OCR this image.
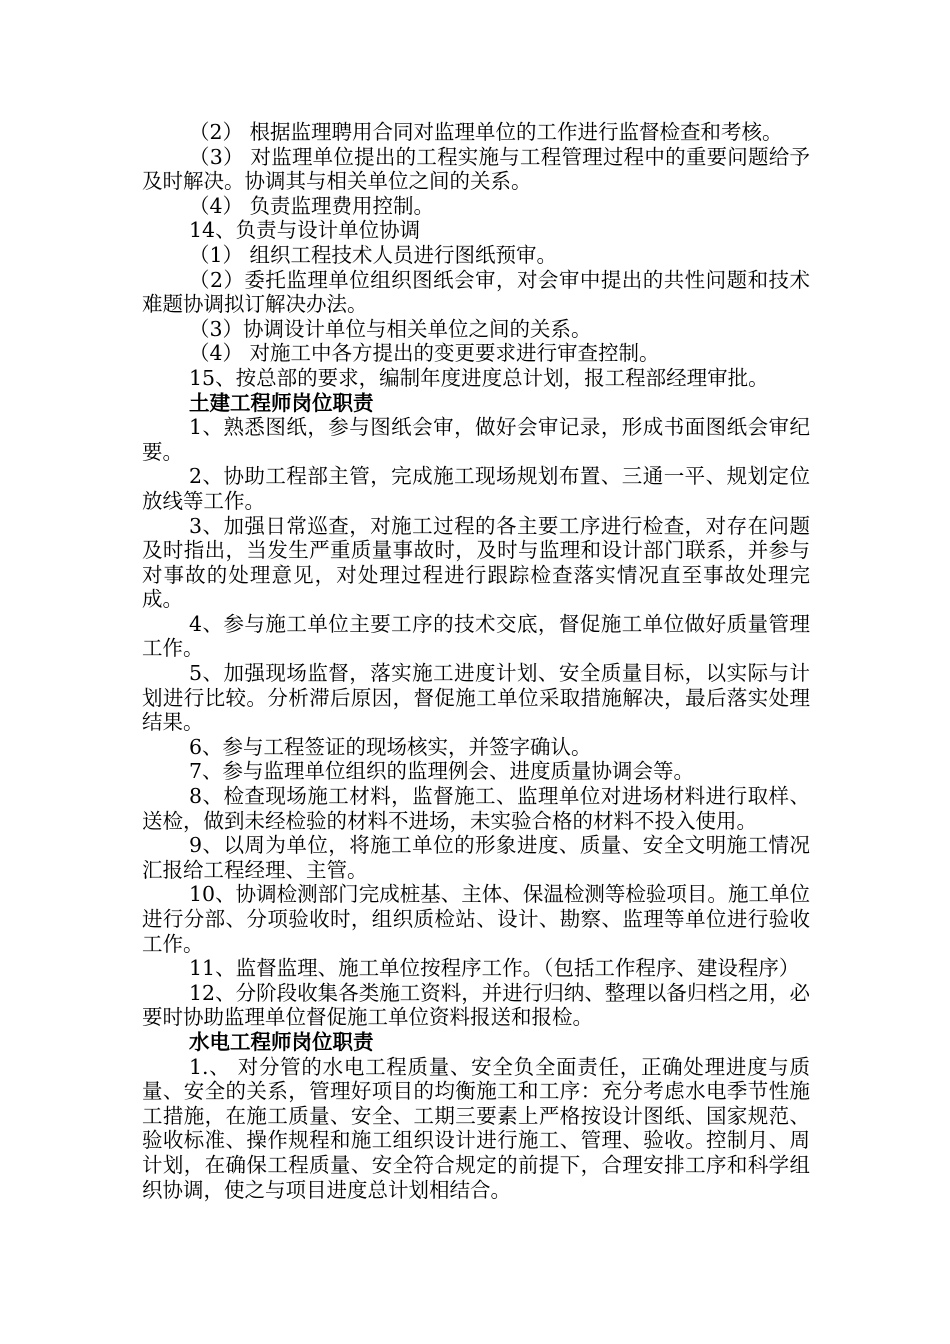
（2） 根据监理聘用合同对监理单位的工作进行监督检查和考核。

（3） 对监理单位提出的工程实施与工程管理过程中的重要问题给予及时解决。协调其与相关单位之间的关系。

（4） 负责监理费用控制。

14、负责与设计单位协调

（1） 组织工程技术人员进行图纸预审。

（2）委托监理单位组织图纸会审，对会审中提出的共性问题和技术难题协调拟订解决办法。

（3）协调设计单位与相关单位之间的关系。

（4） 对施工中各方提出的变更要求进行审查控制。

15、按总部的要求，编制年度进度总计划，报工程部经理审批。

土建工程师岗位职责

1、熟悉图纸，参与图纸会审，做好会审记录，形成书面图纸会审纪要。

2、协助工程部主管，完成施工现场规划布置、三通一平、规划定位放线等工作。

3、加强日常巡查，对施工过程的各主要工序进行检查，对存在问题及时指出，当发生严重质量事故时，及时与监理和设计部门联系，并参与对事故的处理意见，对处理过程进行跟踪检查落实情况直至事故处理完成。

4、参与施工单位主要工序的技术交底，督促施工单位做好质量管理工作。

5、加强现场监督，落实施工进度计划、安全质量目标，以实际与计划进行比较。分析滞后原因，督促施工单位采取措施解决，最后落实处理结果。

6、参与工程签证的现场核实，并签字确认。

7、参与监理单位组织的监理例会、进度质量协调会等。

8、检查现场施工材料，监督施工、监理单位对进场材料进行取样、送检，做到未经检验的材料不进场，未实验合格的材料不投入使用。

9、以周为单位，将施工单位的形象进度、质量、安全文明施工情况汇报给工程经理、主管。

10、协调检测部门完成桩基、主体、保温检测等检验项目。施工单位进行分部、分项验收时，组织质检站、设计、勘察、监理等单位进行验收工作。

11、监督监理、施工单位按程序工作。（包括工作程序、建设程序）

12、分阶段收集各类施工资料，并进行归纳、整理以备归档之用，必要时协助监理单位督促施工单位资料报送和报检。

水电工程师岗位职责

1.、 对分管的水电工程质量、安全负全面责任，正确处理进度与质量、安全的关系，管理好项目的均衡施工和工序：充分考虑水电季节性施工措施，在施工质量、安全、工期三要素上严格按设计图纸、国家规范、验收标准、操作规程和施工组织设计进行施工、管理、验收。控制月、周计划，在确保工程质量、安全符合规定的前提下，合理安排工序和科学组织协调，使之与项目进度总计划相结合。
